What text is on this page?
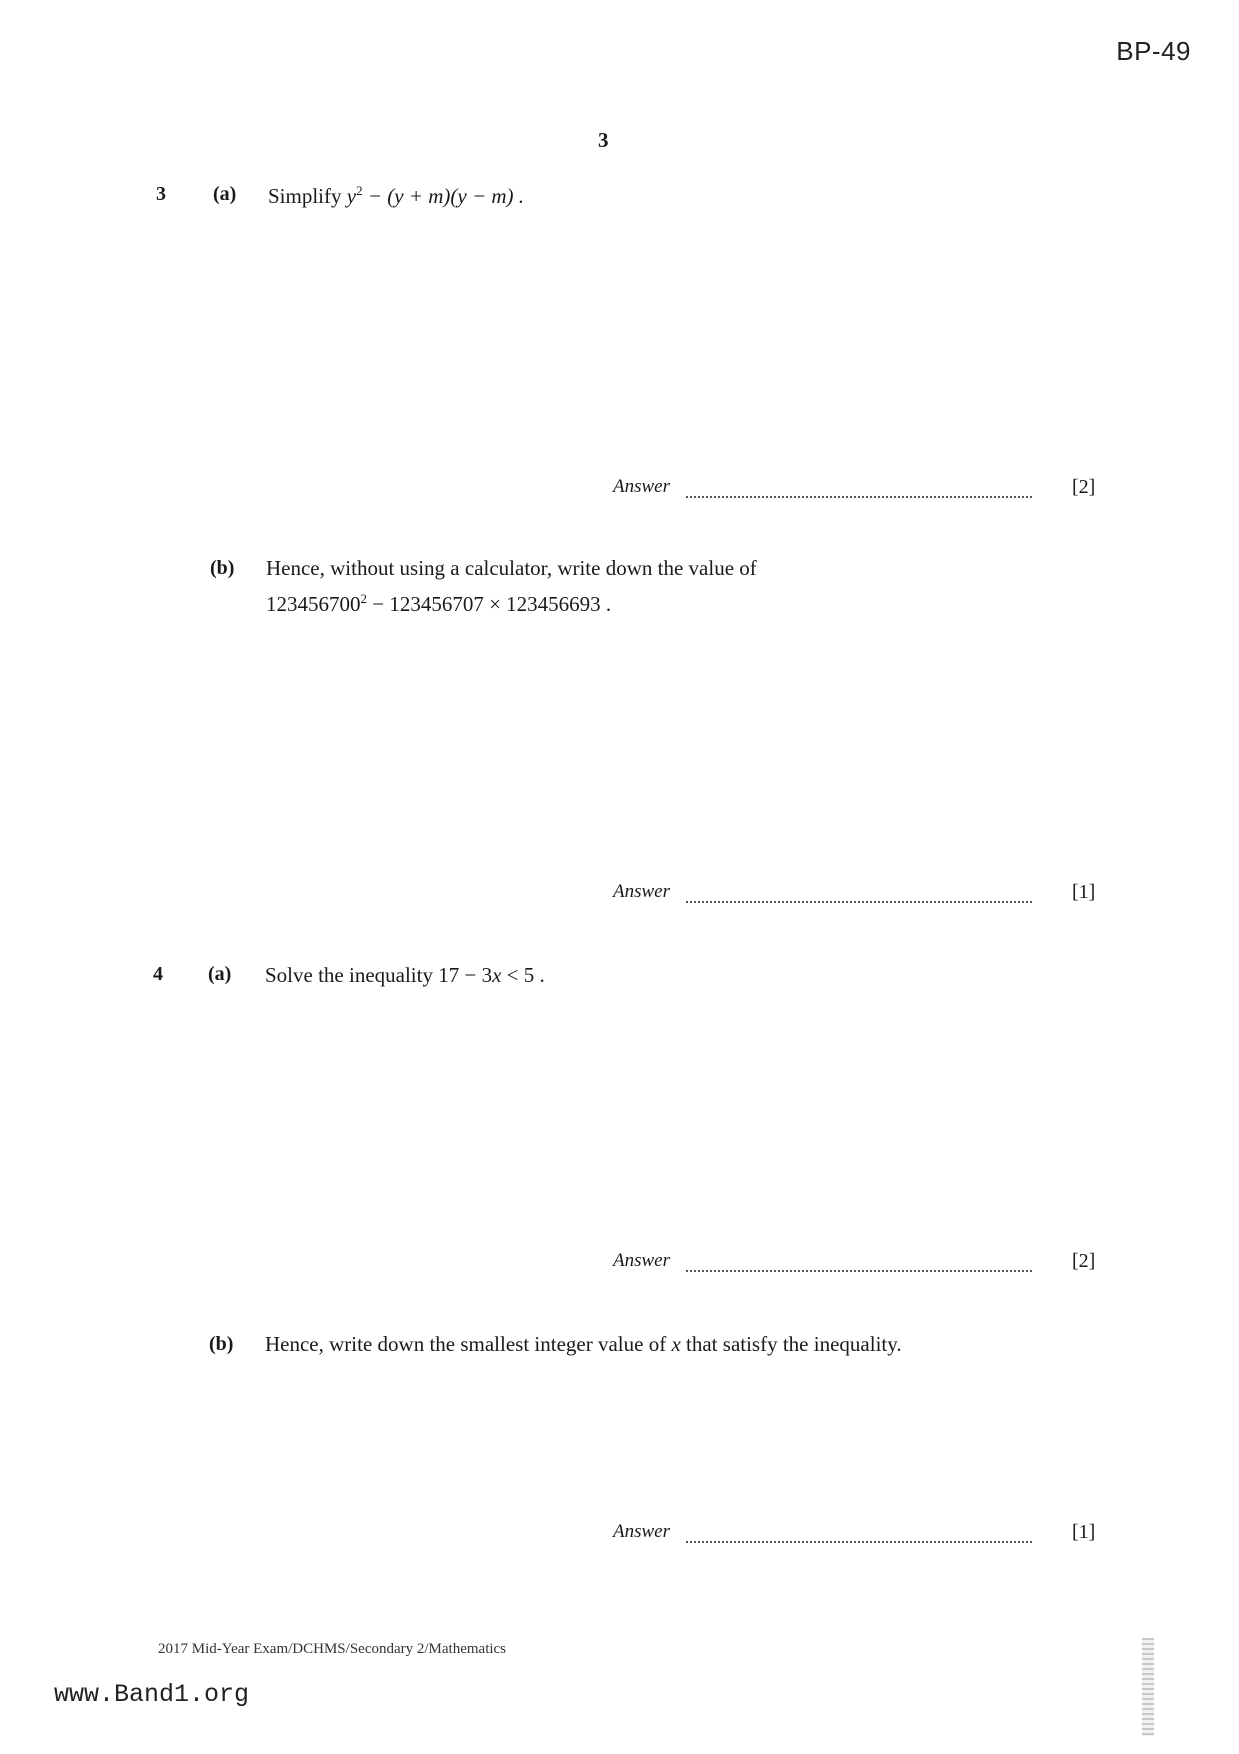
BP-49
3
3 (a) Simplify $y^2 - (y + m)(y - m)$ .
Answer	[2]
(b) Hence, without using a calculator, write down the value of
$123456700^2 - 123456707 \times 123456693$ .
Answer	[1]
4 (a) Solve the inequality 17 − 3x < 5 .
Answer	[2]
(b) Hence, write down the smallest integer value of x that satisfy the inequality.
Answer	[1]
2017 Mid-Year Exam/DCHMS/Secondary 2/Mathematics
www.Band1.org
